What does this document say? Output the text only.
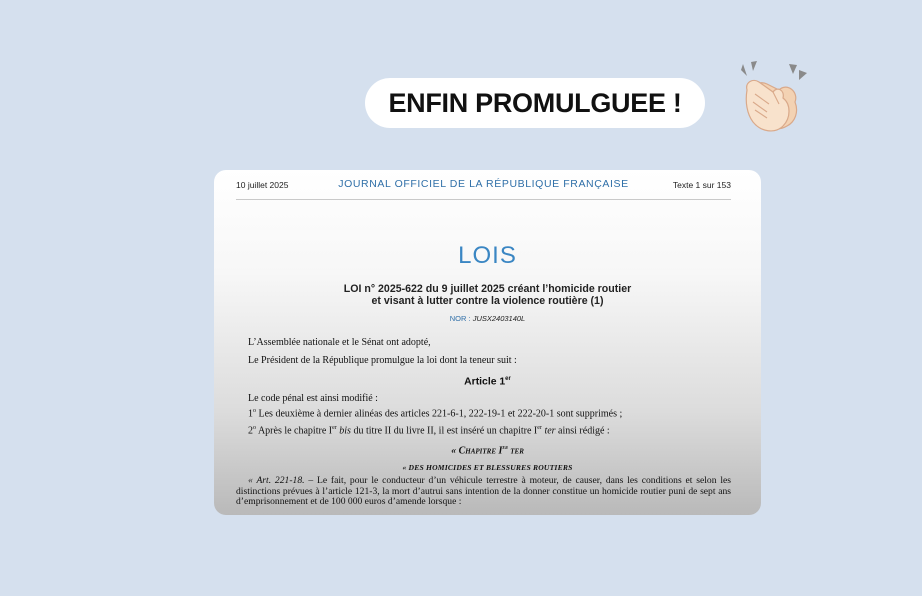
ENFIN PROMULGUEE !
10 juillet 2025	JOURNAL OFFICIEL DE LA RÉPUBLIQUE FRANÇAISE	Texte 1 sur 153
LOIS
LOI n° 2025-622 du 9 juillet 2025 créant l’homicide routier
et visant à lutter contre la violence routière (1)
NOR : JUSX2403140L
L’Assemblée nationale et le Sénat ont adopté,
Le Président de la République promulgue la loi dont la teneur suit :
Article 1er
Le code pénal est ainsi modifié :
1$^o$ Les deuxième à dernier alinéas des articles 221-6-1, 222-19-1 et 222-20-1 sont supprimés ;
2$^o$ Après le chapitre Ier bis du titre II du livre II, il est inséré un chapitre Ier ter ainsi rédigé :
« Chapitre Ier ter
« DES HOMICIDES ET BLESSURES ROUTIERS
« Art. 221-18. – Le fait, pour le conducteur d’un véhicule terrestre à moteur, de causer, dans les conditions et selon les distinctions prévues à l’article 121-3, la mort d’autrui sans intention de la donner constitue un homicide routier puni de sept ans d’emprisonnement et de 100 000 euros d’amende lorsque :
